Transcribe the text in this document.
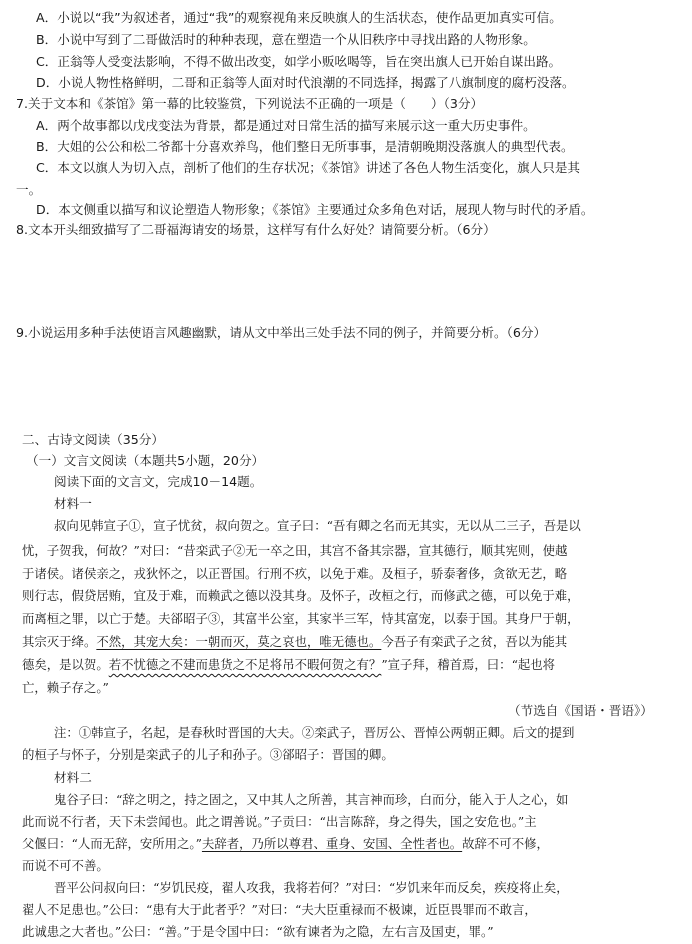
A．小说以“我”为叙述者，通过“我”的观察视角来反映旗人的生活状态，使作品更加真实可信。
B．小说中写到了二哥做活时的种种表现，意在塑造一个从旧秩序中寻找出路的人物形象。
C．正翁等人受变法影响，不得不做出改变，如学小贩吆喝等，旨在突出旗人已开始自谋出路。
D．小说人物性格鲜明，二哥和正翁等人面对时代浪潮的不同选择，揭露了八旗制度的腐朽没落。
7.关于文本和《茶馆》第一幕的比较鉴赏，下列说法不正确的一项是（　　）（3分）
A．两个故事都以戊戌变法为背景，都是通过对日常生活的描写来展示这一重大历史事件。
B．大姐的公公和松二爷都十分喜欢养鸟，他们整日无所事事，是清朝晚期没落旗人的典型代表。
C．本文以旗人为切入点，剖析了他们的生存状况；《茶馆》讲述了各色人物生活变化，旗人只是其
一。
D．本文侧重以描写和议论塑造人物形象；《茶馆》主要通过众多角色对话，展现人物与时代的矛盾。
8.文本开头细致描写了二哥福海请安的场景，这样写有什么好处？请简要分析。（6分）
9.小说运用多种手法使语言风趣幽默，请从文中举出三处手法不同的例子，并简要分析。（6分）
二、古诗文阅读（35分）
（一）文言文阅读（本题共5小题，20分）
阅读下面的文言文，完成10－14题。
材料一
叔向见韩宣子①，宣子忧贫，叔向贺之。宣子曰：“吾有卿之名而无其实，无以从二三子，吾是以
忧，子贺我，何故？”对曰：“昔栾武子②无一卒之田，其宫不备其宗器，宣其德行，顺其宪则，使越
于诸侯。诸侯亲之，戎狄怀之，以正晋国。行刑不疚，以免于难。及桓子，骄泰奢侈，贪欲无艺，略
则行志，假贷居贿，宜及于难，而赖武之德以没其身。及怀子，改桓之行，而修武之德，可以免于难，
而离桓之罪，以亡于楚。夫郤昭子③，其富半公室，其家半三军，恃其富宠，以泰于国。其身尸于朝，
其宗灭于绛。不然，其宠大矣：一朝而灭，莫之哀也，唯无德也。今吾子有栾武子之贫，吾以为能其
德矣，是以贺。若不忧德之不建而患货之不足将吊不暇何贺之有？”宣子拜，稽首焉，曰：“起也将
亡，赖子存之。”
（节选自《国语・晋语》）
注：①韩宣子，名起，是春秋时晋国的大夫。②栾武子，晋厉公、晋悼公两朝正卿。后文的提到
的桓子与怀子，分别是栾武子的儿子和孙子。③郤昭子：晋国的卿。
材料二
鬼谷子曰：“辞之明之，持之固之，又中其人之所善，其言神而珍，白而分，能入于人之心，如
此而说不行者，天下未尝闻也。此之谓善说。”子贡曰：“出言陈辞，身之得失，国之安危也。”主
父偃曰：“人而无辞，安所用之。”夫辞者，乃所以尊君、重身、安国、全性者也。故辞不可不修，
而说不可不善。
晋平公问叔向曰：“岁饥民疫，翟人攻我，我将若何？”对曰：“岁饥来年而反矣，疾疫将止矣，
翟人不足患也。”公曰：“患有大于此者乎？”对曰：“夫大臣重禄而不极谏，近臣畏罪而不敢言，
此诚患之大者也。”公曰：“善。”于是令国中曰：“欲有谏者为之隐，左右言及国吏，罪。”
